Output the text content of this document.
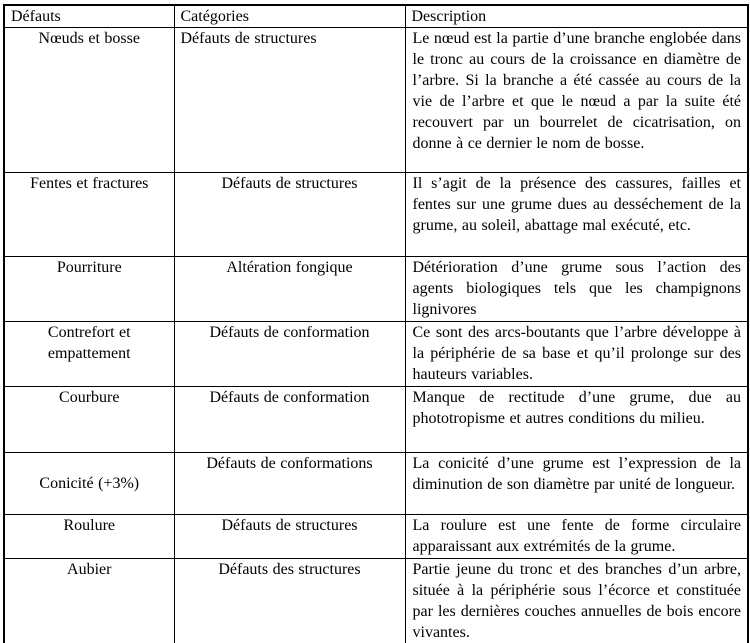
Défauts	Catégories	Description
Nœuds et bosse	Défauts de structures	Le nœud est la partie d’une branche englobée dans le tronc au cours de la croissance en diamètre de l’arbre. Si la branche a été cassée au cours de la vie de l’arbre et que le nœud a par la suite été recouvert par un bourrelet de cicatrisation, on donne à ce dernier le nom de bosse.
Fentes et fractures	Défauts de structures	Il s’agit de la présence des cassures, failles et fentes sur une grume dues au desséchement de la grume, au soleil, abattage mal exécuté, etc.
Pourriture	Altération fongique	Détérioration d’une grume sous l’action des agents biologiques tels que les champignons lignivores
Contrefort et empattement	Défauts de conformation	Ce sont des arcs-boutants que l’arbre développe à la périphérie de sa base et qu’il prolonge sur des hauteurs variables.
Courbure	Défauts de conformation	Manque de rectitude d’une grume, due au phototropisme et autres conditions du milieu.
Conicité (+3%)	Défauts de conformations	La conicité d’une grume est l’expression de la diminution de son diamètre par unité de longueur.
Roulure	Défauts de structures	La roulure est une fente de forme circulaire apparaissant aux extrémités de la grume.
Aubier	Défauts des structures	Partie jeune du tronc et des branches d’un arbre, située à la périphérie sous l’écorce et constituée par les dernières couches annuelles de bois encore vivantes.
